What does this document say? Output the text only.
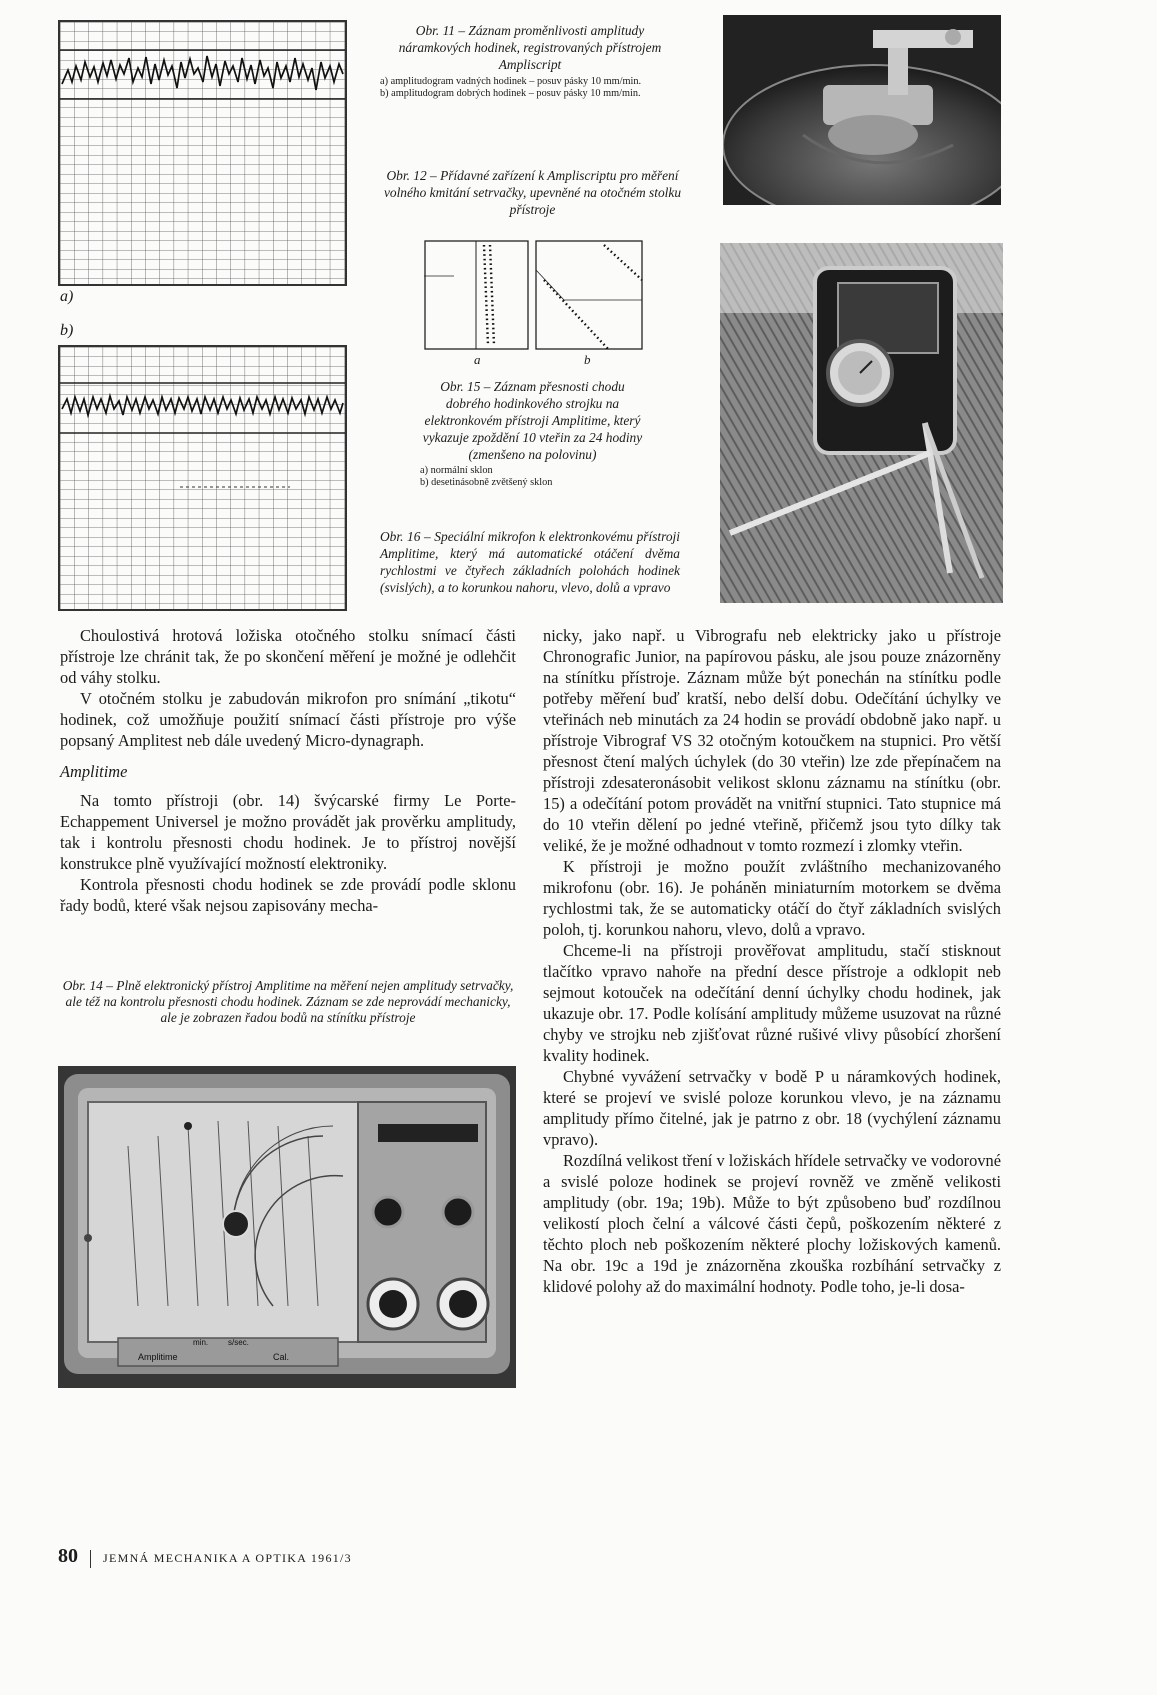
a)
b)
Obr. 11 – Záznam proměnlivosti amplitudy náramkových hodinek, registrovaných přístrojem Ampliscript
a) amplitudogram vadných hodinek – posuv pásky 10 mm/min.
b) amplitudogram dobrých hodinek – posuv pásky 10 mm/min.
Obr. 12 – Přídavné zařízení k Ampliscriptu pro měření volného kmitání setrvačky, upevněné na otočném stolku přístroje
a	b
Obr. 15 – Záznam přesnosti chodu dobrého hodinkového strojku na elektronkovém přístroji Amplitime, který vykazuje zpoždění 10 vteřin za 24 hodiny (zmenšeno na polovinu)
a) normální sklon
b) desetinásobně zvětšený sklon
Obr. 16 – Speciální mikrofon k elektronkovému přístroji Amplitime, který má automatické otáčení dvěma rychlostmi ve čtyřech základních polohách hodinek (svislých), a to korunkou nahoru, vlevo, dolů a vpravo

Choulostivá hrotová ložiska otočného stolku snímací části přístroje lze chránit tak, že po skončení měření je možné je odlehčit od váhy stolku.

V otočném stolku je zabudován mikrofon pro snímání „tikotu“ hodinek, což umožňuje použití snímací části přístroje pro výše popsaný Amplitest neb dále uvedený Micro-dynagraph.

Amplitime

Na tomto přístroji (obr. 14) švýcarské firmy Le Porte-Echappement Universel je možno provádět jak prověrku amplitudy, tak i kontrolu přesnosti chodu hodinek. Je to přístroj novější konstrukce plně využívající možností elektroniky.

Kontrola přesnosti chodu hodinek se zde provádí podle sklonu řady bodů, které však nejsou zapisovány mecha-

Obr. 14 – Plně elektronický přístroj Amplitime na měření nejen amplitudy setrvačky, ale též na kontrolu přesnosti chodu hodinek. Záznam se zde neprovádí mechanicky, ale je zobrazen řadou bodů na stínítku přístroje
min. s/sec.
Amplitime	Cal.

nicky, jako např. u Vibrografu neb elektricky jako u přístroje Chronografic Junior, na papírovou pásku, ale jsou pouze znázorněny na stínítku přístroje. Záznam může být ponechán na stínítku podle potřeby měření buď kratší, nebo delší dobu. Odečítání úchylky ve vteřinách neb minutách za 24 hodin se provádí obdobně jako např. u přístroje Vibrograf VS 32 otočným kotoučkem na stupnici. Pro větší přesnost čtení malých úchylek (do 30 vteřin) lze zde přepínačem na přístroji zdesateronásobit velikost sklonu záznamu na stínítku (obr. 15) a odečítání potom provádět na vnitřní stupnici. Tato stupnice má do 10 vteřin dělení po jedné vteřině, přičemž jsou tyto dílky tak veliké, že je možné odhadnout v tomto rozmezí i zlomky vteřin.

K přístroji je možno použít zvláštního mechanizovaného mikrofonu (obr. 16). Je poháněn miniaturním motorkem se dvěma rychlostmi tak, že se automaticky otáčí do čtyř základních svislých poloh, tj. korunkou nahoru, vlevo, dolů a vpravo.

Chceme-li na přístroji prověřovat amplitudu, stačí stisknout tlačítko vpravo nahoře na přední desce přístroje a odklopit neb sejmout kotouček na odečítání denní úchylky chodu hodinek, jak ukazuje obr. 17. Podle kolísání amplitudy můžeme usuzovat na různé chyby ve strojku neb zjišťovat různé rušivé vlivy působící zhoršení kvality hodinek.

Chybné vyvážení setrvačky v bodě P u náramkových hodinek, které se projeví ve svislé poloze korunkou vlevo, je na záznamu amplitudy přímo čitelné, jak je patrno z obr. 18 (vychýlení záznamu vpravo).

Rozdílná velikost tření v ložiskách hřídele setrvačky ve vodorovné a svislé poloze hodinek se projeví rovněž ve změně velikosti amplitudy (obr. 19a; 19b). Může to být způsobeno buď rozdílnou velikostí ploch čelní a válcové části čepů, poškozením některé z těchto ploch neb poškozením některé plochy ložiskových kamenů. Na obr. 19c a 19d je znázorněna zkouška rozbíhání setrvačky z klidové polohy až do maximální hodnoty. Podle toho, je-li dosa-

80 JEMNÁ MECHANIKA A OPTIKA 1961/3
